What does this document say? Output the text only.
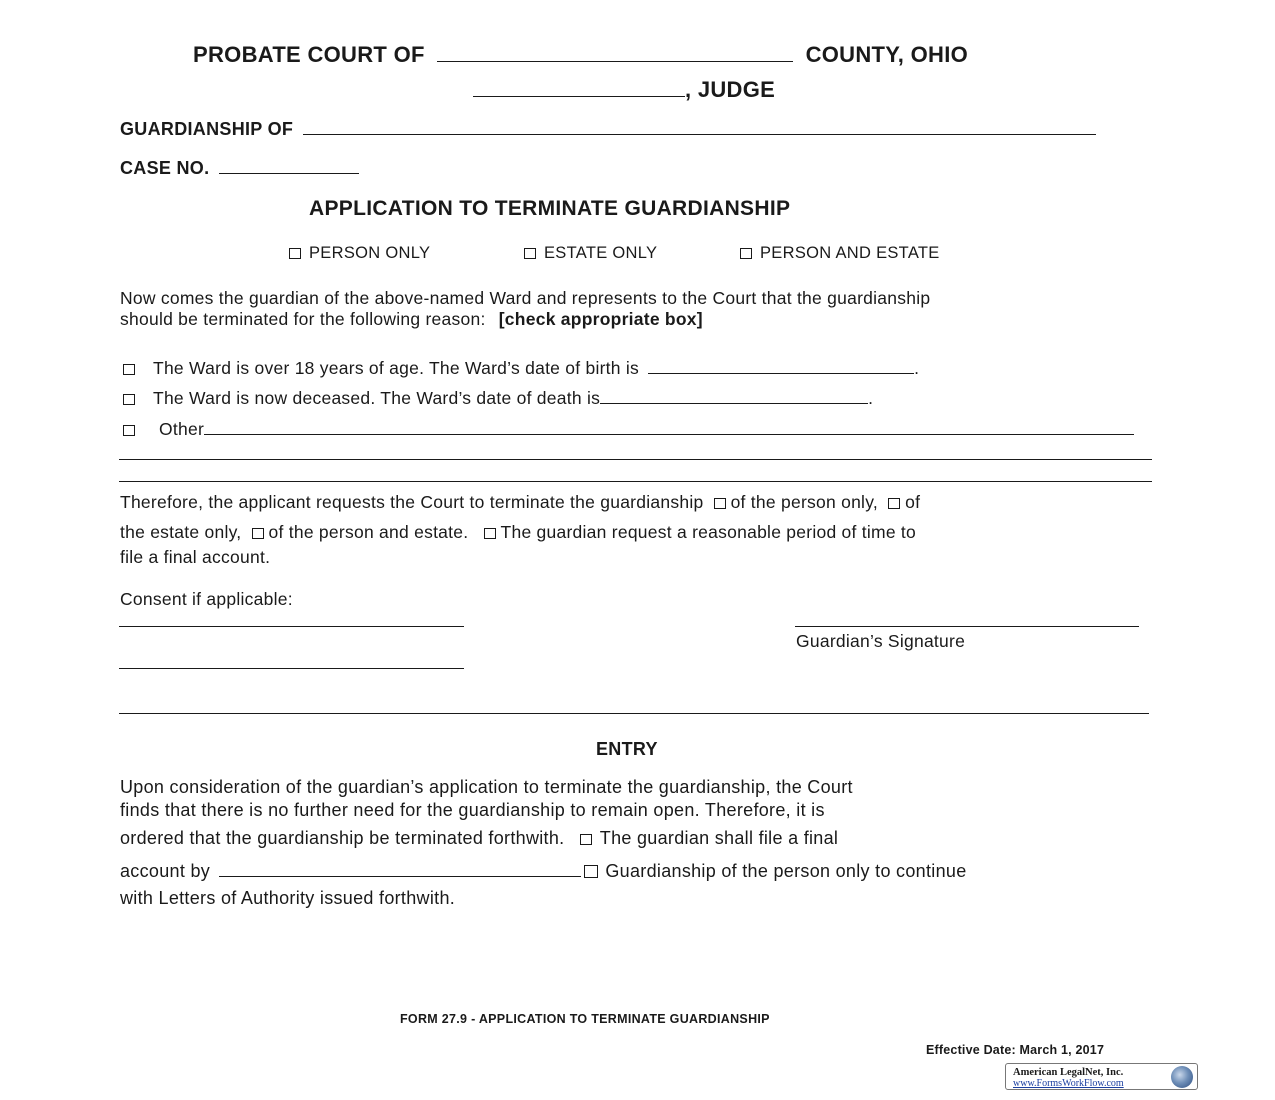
PROBATE COURT OF	COUNTY, OHIO
, JUDGE
GUARDIANSHIP OF
CASE NO.
APPLICATION TO TERMINATE GUARDIANSHIP
PERSON ONLY	ESTATE ONLY	PERSON AND ESTATE
Now comes the guardian of the above-named Ward and represents to the Court that the guardianship
should be terminated for the following reason: [check appropriate box]
The Ward is over 18 years of age. The Ward’s date of birth is	.
The Ward is now deceased. The Ward’s date of death is	.
Other
Therefore, the applicant requests the Court to terminate the guardianship of the person only, of
the estate only, of the person and estate. The guardian request a reasonable period of time to
file a final account.
Consent if applicable:
Guardian’s Signature
ENTRY
Upon consideration of the guardian’s application to terminate the guardianship, the Court
finds that there is no further need for the guardianship to remain open. Therefore, it is
ordered that the guardianship be terminated forthwith. The guardian shall file a final
account by	Guardianship of the person only to continue
with Letters of Authority issued forthwith.
FORM 27.9 - APPLICATION TO TERMINATE GUARDIANSHIP
Effective Date: March 1, 2017
American LegalNet, Inc.
www.FormsWorkFlow.com
